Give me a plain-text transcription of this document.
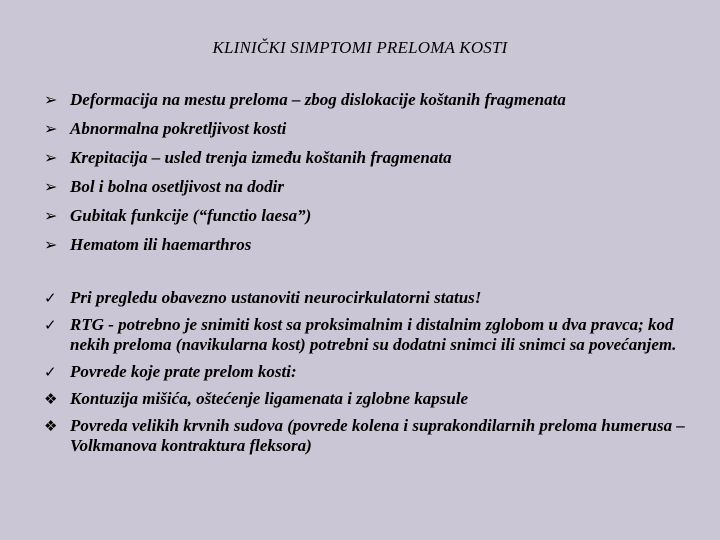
KLINIČKI SIMPTOMI PRELOMA KOSTI
➢ Deformacija na mestu preloma – zbog dislokacije koštanih fragmenata
➢ Abnormalna pokretljivost kosti
➢ Krepitacija – usled trenja između koštanih fragmenata
➢ Bol i bolna osetljivost na dodir
➢ Gubitak funkcije (“functio laesa”)
➢ Hematom ili haemarthros
✓ Pri pregledu obavezno ustanoviti neurocirkulatorni status!
✓ RTG - potrebno je snimiti kost sa proksimalnim i distalnim zglobom u dva pravca; kod nekih preloma (navikularna kost) potrebni su dodatni snimci ili snimci sa povećanjem.
✓ Povrede koje prate prelom kosti:
❖ Kontuzija mišića, oštećenje ligamenata i zglobne kapsule
❖ Povreda velikih krvnih sudova (povrede kolena i suprakondilarnih preloma humerusa –Volkmanova kontraktura fleksora)
